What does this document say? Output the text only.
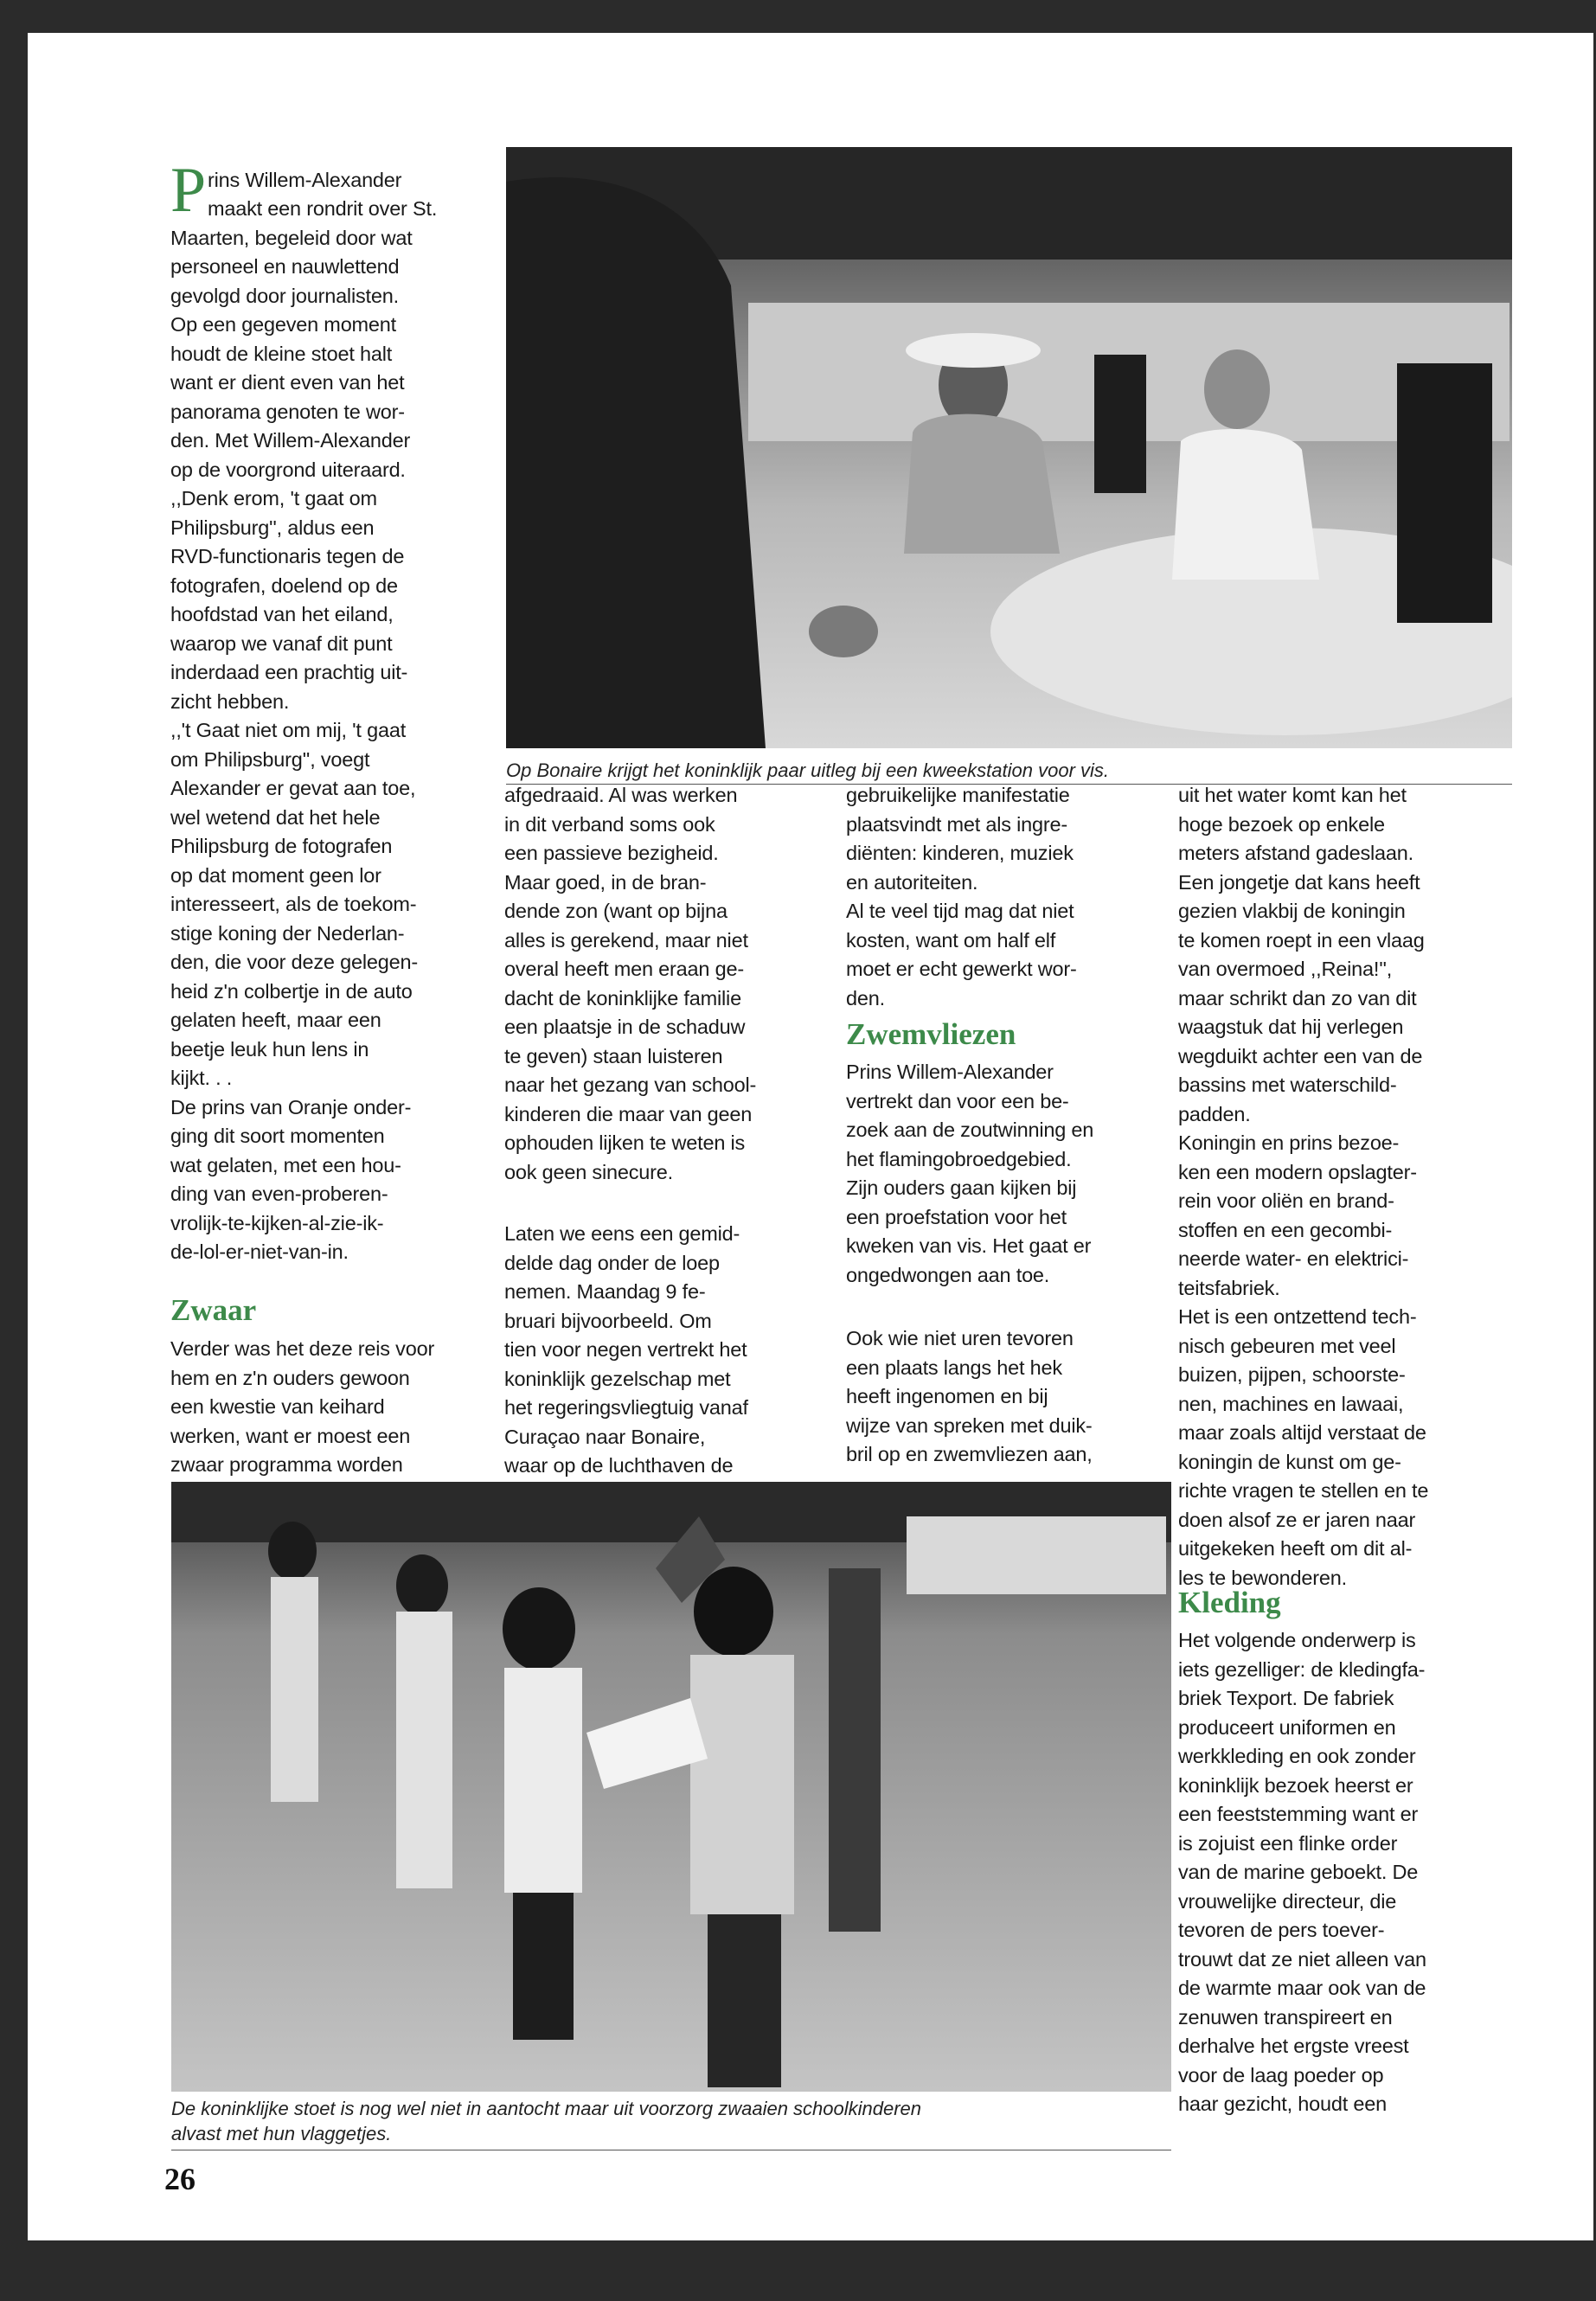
Prins Willem-Alexander
maakt een rondrit over St.
Maarten, begeleid door wat
personeel en nauwlettend
gevolgd door journalisten.
Op een gegeven moment
houdt de kleine stoet halt
want er dient even van het
panorama genoten te wor-
den. Met Willem-Alexander
op de voorgrond uiteraard.
,,Denk erom, 't gaat om
Philipsburg'', aldus een
RVD-functionaris tegen de
fotografen, doelend op de
hoofdstad van het eiland,
waarop we vanaf dit punt
inderdaad een prachtig uit-
zicht hebben.
,,'t Gaat niet om mij, 't gaat
om Philipsburg'', voegt
Alexander er gevat aan toe,
wel wetend dat het hele
Philipsburg de fotografen
op dat moment geen lor
interesseert, als de toekom-
stige koning der Nederlan-
den, die voor deze gelegen-
heid z'n colbertje in de auto
gelaten heeft, maar een
beetje leuk hun lens in
kijkt. . .
De prins van Oranje onder-
ging dit soort momenten
wat gelaten, met een hou-
ding van even-proberen-
vrolijk-te-kijken-al-zie-ik-
de-lol-er-niet-van-in.

Zwaar

Verder was het deze reis voor
hem en z'n ouders gewoon
een kwestie van keihard
werken, want er moest een
zwaar programma worden

Op Bonaire krijgt het koninklijk paar uitleg bij een kweekstation voor vis.

afgedraaid. Al was werken
in dit verband soms ook
een passieve bezigheid.
Maar goed, in de bran-
dende zon (want op bijna
alles is gerekend, maar niet
overal heeft men eraan ge-
dacht de koninklijke familie
een plaatsje in de schaduw
te geven) staan luisteren
naar het gezang van school-
kinderen die maar van geen
ophouden lijken te weten is
ook geen sinecure.

Laten we eens een gemid-
delde dag onder de loep
nemen. Maandag 9 fe-
bruari bijvoorbeeld. Om
tien voor negen vertrekt het
koninklijk gezelschap met
het regeringsvliegtuig vanaf
Curaçao naar Bonaire,
waar op de luchthaven de

gebruikelijke manifestatie
plaatsvindt met als ingre-
diënten: kinderen, muziek
en autoriteiten.
Al te veel tijd mag dat niet
kosten, want om half elf
moet er echt gewerkt wor-
den.

Zwemvliezen

Prins Willem-Alexander
vertrekt dan voor een be-
zoek aan de zoutwinning en
het flamingobroedgebied.
Zijn ouders gaan kijken bij
een proefstation voor het
kweken van vis. Het gaat er
ongedwongen aan toe.

Ook wie niet uren tevoren
een plaats langs het hek
heeft ingenomen en bij
wijze van spreken met duik-
bril op en zwemvliezen aan,

uit het water komt kan het
hoge bezoek op enkele
meters afstand gadeslaan.
Een jongetje dat kans heeft
gezien vlakbij de koningin
te komen roept in een vlaag
van overmoed ,,Reina!'',
maar schrikt dan zo van dit
waagstuk dat hij verlegen
wegduikt achter een van de
bassins met waterschild-
padden.
Koningin en prins bezoe-
ken een modern opslagter-
rein voor oliën en brand-
stoffen en een gecombi-
neerde water- en elektrici-
teitsfabriek.
Het is een ontzettend tech-
nisch gebeuren met veel
buizen, pijpen, schoorste-
nen, machines en lawaai,
maar zoals altijd verstaat de
koningin de kunst om ge-
richte vragen te stellen en te
doen alsof ze er jaren naar
uitgekeken heeft om dit al-
les te bewonderen.

Kleding

Het volgende onderwerp is
iets gezelliger: de kledingfa-
briek Texport. De fabriek
produceert uniformen en
werkkleding en ook zonder
koninklijk bezoek heerst er
een feeststemming want er
is zojuist een flinke order
van de marine geboekt. De
vrouwelijke directeur, die
tevoren de pers toever-
trouwt dat ze niet alleen van
de warmte maar ook van de
zenuwen transpireert en
derhalve het ergste vreest
voor de laag poeder op
haar gezicht, houdt een

De koninklijke stoet is nog wel niet in aantocht maar uit voorzorg zwaaien schoolkinderen
alvast met hun vlaggetjes.

26
